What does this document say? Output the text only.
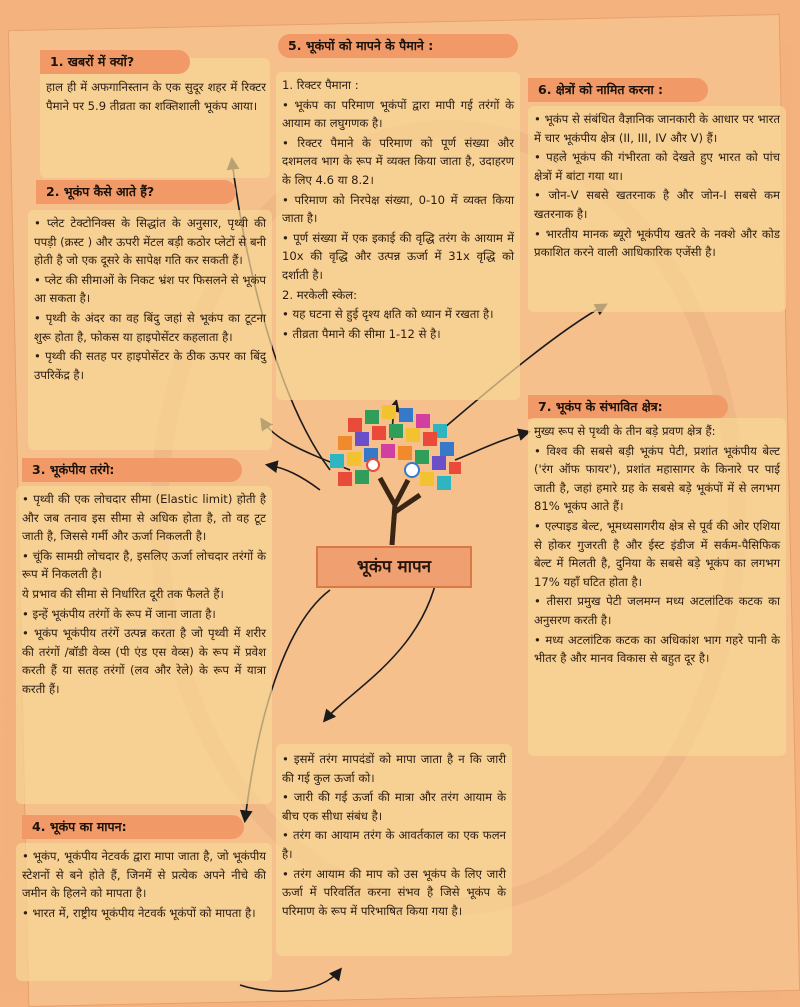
1. खबरों में क्यों?

हाल ही में अफगानिस्तान के एक सुदूर शहर में रिक्टर पैमाने पर 5.9 तीव्रता का शक्तिशाली भूकंप आया।

2. भूकंप कैसे आते हैं?

• प्लेट टेक्टोनिक्स के सिद्धांत के अनुसार, पृथ्वी की पपड़ी (क्रस्ट ) और ऊपरी मेंटल बड़ी कठोर प्लेटों से बनी होती है जो एक दूसरे के सापेक्ष गति कर सकती हैं।

• प्लेट की सीमाओं के निकट भ्रंश पर फिसलने से भूकंप आ सकता है।

• पृथ्वी के अंदर का वह बिंदु जहां से भूकंप का टूटना शुरू होता है, फोकस या हाइपोसेंटर कहलाता है।

• पृथ्वी की सतह पर हाइपोसेंटर के ठीक ऊपर का बिंदु उपरिकेंद्र है।

3. भूकंपीय तरंगे:

• पृथ्वी की एक लोचदार सीमा (Elastic limit) होती है और जब तनाव इस सीमा से अधिक होता है, तो वह टूट जाती है, जिससे गर्मी और ऊर्जा निकलती है।

• चूंकि सामग्री लोचदार है, इसलिए ऊर्जा लोचदार तरंगों के रूप में निकलती है।

ये प्रभाव की सीमा से निर्धारित दूरी तक फैलते हैं।

• इन्हें भूकंपीय तरंगों के रूप में जाना जाता है।

• भूकंप भूकंपीय तरंगें उत्पन्न करता है जो पृथ्वी में शरीर की तरंगों /बॉडी वेव्स (पी एंड एस वेव्स) के रूप में प्रवेश करती हैं या सतह तरंगों (लव और रेले) के रूप में यात्रा करती हैं।

4. भूकंप का मापन:

• भूकंप, भूकंपीय नेटवर्क द्वारा मापा जाता है, जो भूकंपीय स्टेशनों से बने होते हैं, जिनमें से प्रत्येक अपने नीचे की जमीन के हिलने को मापता है।

• भारत में, राष्ट्रीय भूकंपीय नेटवर्क भूकंपों को मापता है।

5. भूकंपों को मापने के पैमाने :

1. रिक्टर पैमाना :

• भूकंप का परिमाण भूकंपों द्वारा मापी गई तरंगों के आयाम का लघुगणक है।

• रिक्टर पैमाने के परिमाण को पूर्ण संख्या और दशमलव भाग के रूप में व्यक्त किया जाता है, उदाहरण के लिए 4.6 या 8.2।

• परिमाण को निरपेक्ष संख्या, 0-10 में व्यक्त किया जाता है।

• पूर्ण संख्या में एक इकाई की वृद्धि तरंग के आयाम में 10x की वृद्धि और उत्पन्न ऊर्जा में 31x वृद्धि को दर्शाती है।

2. मरकेली स्केल:

• यह घटना से हुई दृश्य क्षति को ध्यान में रखता है।

• तीव्रता पैमाने की सीमा 1-12 से है।

6. क्षेत्रों को नामित करना :

• भूकंप से संबंधित वैज्ञानिक जानकारी के आधार पर भारत में चार भूकंपीय क्षेत्र (II, III, IV और V) हैं।

• पहले भूकंप की गंभीरता को देखते हुए भारत को पांच क्षेत्रों में बांटा गया था।

• जोन-V सबसे खतरनाक है और जोन-I सबसे कम खतरनाक है।

• भारतीय मानक ब्यूरो भूकंपीय खतरे के नक्शे और कोड प्रकाशित करने वाली आधिकारिक एजेंसी है।

7. भूकंप के संभावित क्षेत्र:

मुख्य रूप से पृथ्वी के तीन बड़े प्रवण क्षेत्र हैं:

• विश्व की सबसे बड़ी भूकंप पेटी, प्रशांत भूकंपीय बेल्ट ('रंग ऑफ फायर'), प्रशांत महासागर के किनारे पर पाई जाती है, जहां हमारे ग्रह के सबसे बड़े भूकंपों में से लगभग 81% भूकंप आते हैं।

• एल्पाइड बेल्ट, भूमध्यसागरीय क्षेत्र से पूर्व की ओर एशिया से होकर गुजरती है और ईस्ट इंडीज में सर्कम-पैसिफिक बेल्ट में मिलती है, दुनिया के सबसे बड़े भूकंप का लगभग 17% यहाँ घटित होता है।

• तीसरा प्रमुख पेटी जलमग्न मध्य अटलांटिक कटक का अनुसरण करती है।

• मध्य अटलांटिक कटक का अधिकांश भाग गहरे पानी के भीतर है और मानव विकास से बहुत दूर है।

• इसमें तरंग मापदंडों को मापा जाता है न कि जारी की गई कुल ऊर्जा को।

• जारी की गई ऊर्जा की मात्रा और तरंग आयाम के बीच एक सीधा संबंध है।

• तरंग का आयाम तरंग के आवर्तकाल का एक फलन है।

• तरंग आयाम की माप को उस भूकंप के लिए जारी ऊर्जा में परिवर्तित करना संभव है जिसे भूकंप के परिमाण के रूप में परिभाषित किया गया है।

भूकंप मापन
